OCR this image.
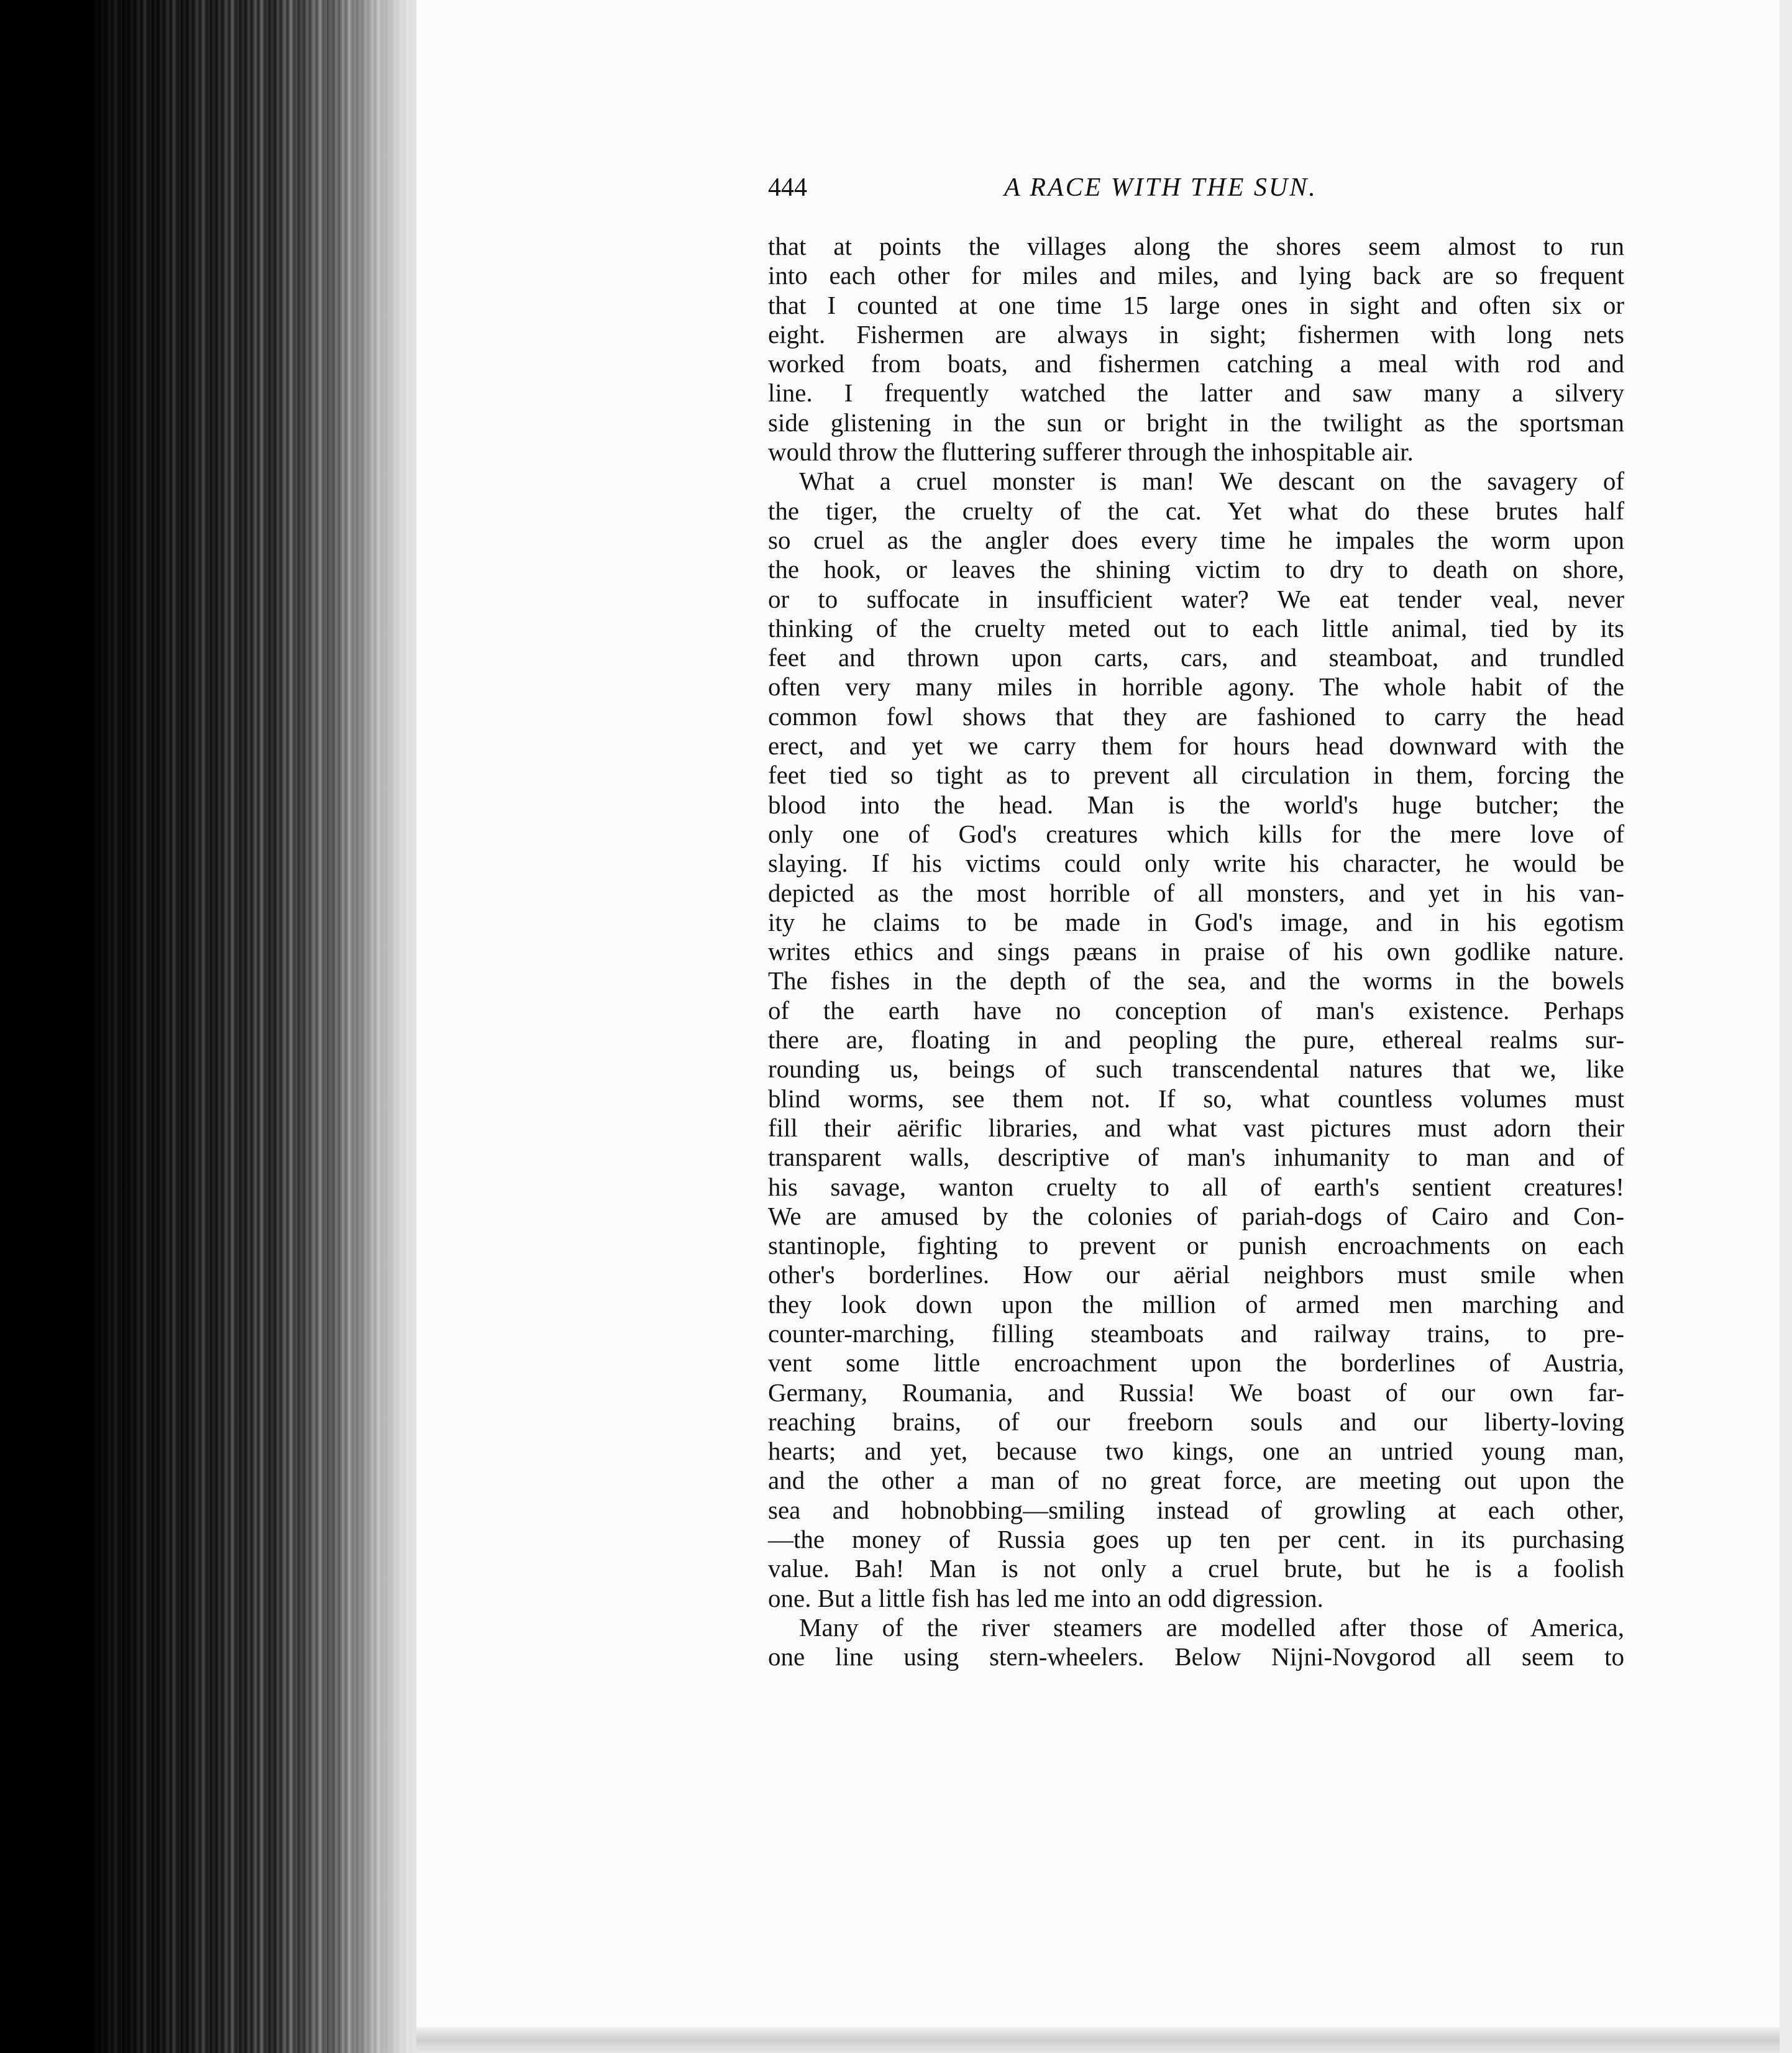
444	A RACE WITH THE SUN.
that at points the villages along the shores seem almost to run
into each other for miles and miles, and lying back are so frequent
that I counted at one time 15 large ones in sight and often six or
eight. Fishermen are always in sight; fishermen with long nets
worked from boats, and fishermen catching a meal with rod and
line. I frequently watched the latter and saw many a silvery
side glistening in the sun or bright in the twilight as the sportsman
would throw the fluttering sufferer through the inhospitable air.
What a cruel monster is man! We descant on the savagery of
the tiger, the cruelty of the cat. Yet what do these brutes half
so cruel as the angler does every time he impales the worm upon
the hook, or leaves the shining victim to dry to death on shore,
or to suffocate in insufficient water? We eat tender veal, never
thinking of the cruelty meted out to each little animal, tied by its
feet and thrown upon carts, cars, and steamboat, and trundled
often very many miles in horrible agony. The whole habit of the
common fowl shows that they are fashioned to carry the head
erect, and yet we carry them for hours head downward with the
feet tied so tight as to prevent all circulation in them, forcing the
blood into the head. Man is the world's huge butcher; the
only one of God's creatures which kills for the mere love of
slaying. If his victims could only write his character, he would be
depicted as the most horrible of all monsters, and yet in his van-
ity he claims to be made in God's image, and in his egotism
writes ethics and sings pæans in praise of his own godlike nature.
The fishes in the depth of the sea, and the worms in the bowels
of the earth have no conception of man's existence. Perhaps
there are, floating in and peopling the pure, ethereal realms sur-
rounding us, beings of such transcendental natures that we, like
blind worms, see them not. If so, what countless volumes must
fill their aërific libraries, and what vast pictures must adorn their
transparent walls, descriptive of man's inhumanity to man and of
his savage, wanton cruelty to all of earth's sentient creatures!
We are amused by the colonies of pariah-dogs of Cairo and Con-
stantinople, fighting to prevent or punish encroachments on each
other's borderlines. How our aërial neighbors must smile when
they look down upon the million of armed men marching and
counter-marching, filling steamboats and railway trains, to pre-
vent some little encroachment upon the borderlines of Austria,
Germany, Roumania, and Russia! We boast of our own far-
reaching brains, of our freeborn souls and our liberty-loving
hearts; and yet, because two kings, one an untried young man,
and the other a man of no great force, are meeting out upon the
sea and hobnobbing—smiling instead of growling at each other,
—the money of Russia goes up ten per cent. in its purchasing
value. Bah! Man is not only a cruel brute, but he is a foolish
one. But a little fish has led me into an odd digression.
Many of the river steamers are modelled after those of America,
one line using stern-wheelers. Below Nijni-Novgorod all seem to
